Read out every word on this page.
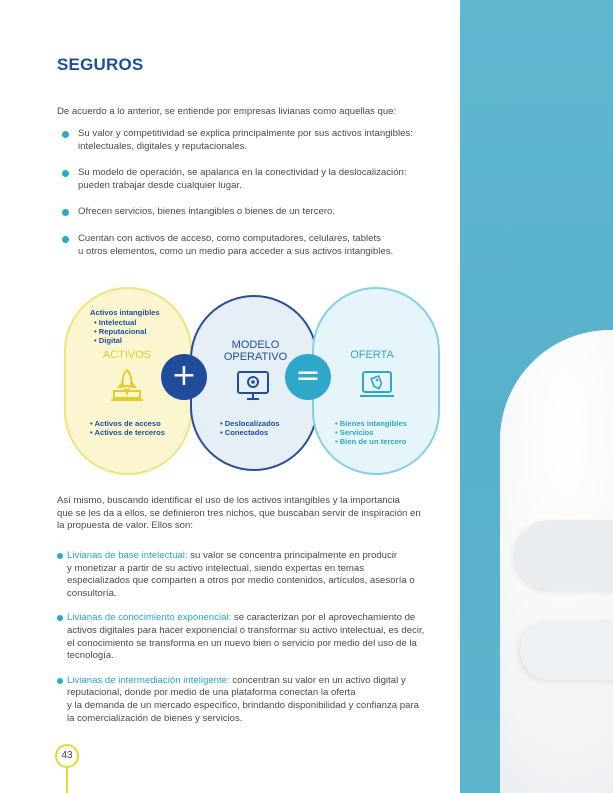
SEGUROS

De acuerdo a lo anterior, se entiende por empresas livianas como aquellas que:

Su valor y competitividad se explica principalmente por sus activos intangibles:
intelectuales, digitales y reputacionales.
Su modelo de operación, se apalanca en la conectividad y la deslocalización:
pueden trabajar desde cualquier lugar.
Ofrecen servicios, bienes intangibles o bienes de un tercero.
Cuentan con activos de acceso, como computadores, celulares, tablets
u otros elementos, como un medio para acceder a sus activos intangibles.
Activos intangibles
• Intelectual
• Reputacional
• Digital
ACTIVOS
• Activos de acceso
• Activos de terceros
+
MODELO
OPERATIVO
• Deslocalizados
• Conectados
=
OFERTA
• Bienes intangibles
• Servicios
• Bien de un tercero

Así mismo, buscando identificar el uso de los activos intangibles y la importancia
que se les da a ellos, se definieron tres nichos, que buscaban servir de inspiración en
la propuesta de valor. Ellos son:

Livianas de base intelectual: su valor se concentra principalmente en producir
y monetizar a partir de su activo intelectual, siendo expertas en temas
especializados que comparten a otros por medio contenidos, artículos, asesoría o
consultoría.
Livianas de conocimiento exponencial: se caracterizan por el aprovechamiento de
activos digitales para hacer exponencial o transformar su activo intelectual, es decir,
el conocimiento se transforma en un nuevo bien o servicio por medio del uso de la
tecnología.
Livianas de intermediación inteligente: concentran su valor en un activo digital y
reputacional, donde por medio de una plataforma conectan la oferta
y la demanda de un mercado específico, brindando disponibilidad y confianza para
la comercialización de bienes y servicios.
43
